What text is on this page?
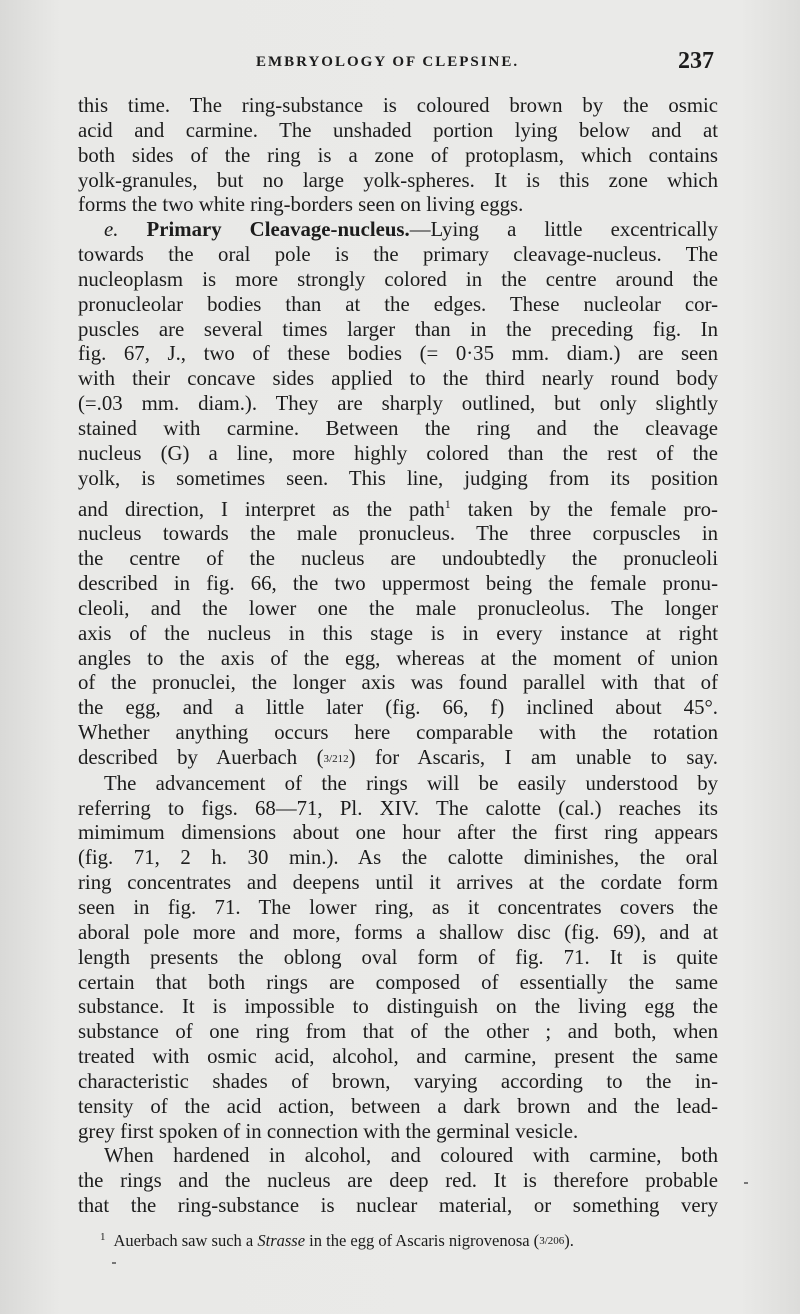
EMBRYOLOGY OF CLEPSINE.	237
this time. The ring-substance is coloured brown by the osmic
acid and carmine. The unshaded portion lying below and at
both sides of the ring is a zone of protoplasm, which contains
yolk-granules, but no large yolk-spheres. It is this zone which
forms the two white ring-borders seen on living eggs.
e. Primary Cleavage-nucleus.—Lying a little excentrically
towards the oral pole is the primary cleavage-nucleus. The
nucleoplasm is more strongly colored in the centre around the
pronucleolar bodies than at the edges. These nucleolar cor-
puscles are several times larger than in the preceding fig. In
fig. 67, J., two of these bodies (= 0·35 mm. diam.) are seen
with their concave sides applied to the third nearly round body
(=.03 mm. diam.). They are sharply outlined, but only slightly
stained with carmine. Between the ring and the cleavage
nucleus (G) a line, more highly colored than the rest of the
yolk, is sometimes seen. This line, judging from its position
and direction, I interpret as the path$^1$ taken by the female pro-
nucleus towards the male pronucleus. The three corpuscles in
the centre of the nucleus are undoubtedly the pronucleoli
described in fig. 66, the two uppermost being the female pronu-
cleoli, and the lower one the male pronucleolus. The longer
axis of the nucleus in this stage is in every instance at right
angles to the axis of the egg, whereas at the moment of union
of the pronuclei, the longer axis was found parallel with that of
the egg, and a little later (fig. 66, f) inclined about 45°.
Whether anything occurs here comparable with the rotation
described by Auerbach (3/212) for Ascaris, I am unable to say.
The advancement of the rings will be easily understood by
referring to figs. 68—71, Pl. XIV. The calotte (cal.) reaches its
mimimum dimensions about one hour after the first ring appears
(fig. 71, 2 h. 30 min.). As the calotte diminishes, the oral
ring concentrates and deepens until it arrives at the cordate form
seen in fig. 71. The lower ring, as it concentrates covers the
aboral pole more and more, forms a shallow disc (fig. 69), and at
length presents the oblong oval form of fig. 71. It is quite
certain that both rings are composed of essentially the same
substance. It is impossible to distinguish on the living egg the
substance of one ring from that of the other ; and both, when
treated with osmic acid, alcohol, and carmine, present the same
characteristic shades of brown, varying according to the in-
tensity of the acid action, between a dark brown and the lead-
grey first spoken of in connection with the germinal vesicle.
When hardened in alcohol, and coloured with carmine, both
the rings and the nucleus are deep red. It is therefore probable
that the ring-substance is nuclear material, or something very
$^1$ Auerbach saw such a Strasse in the egg of Ascaris nigrovenosa (3/206).
